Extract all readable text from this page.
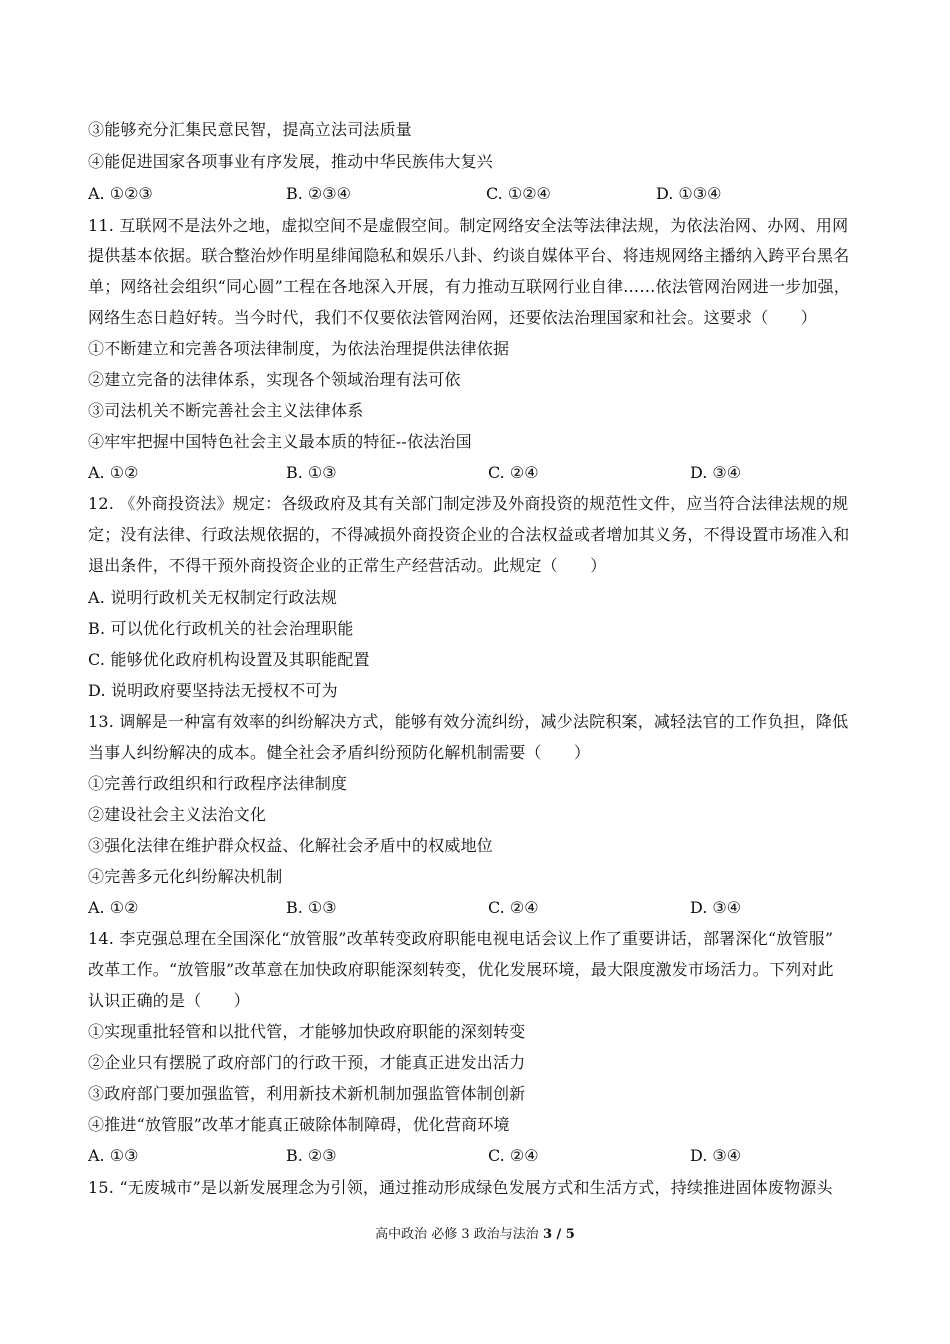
③能够充分汇集民意民智，提高立法司法质量
④能促进国家各项事业有序发展，推动中华民族伟大复兴
A. ①②③	B. ②③④	C. ①②④	D. ①③④
11. 互联网不是法外之地，虚拟空间不是虚假空间。制定网络安全法等法律法规，为依法治网、办网、用网
提供基本依据。联合整治炒作明星绯闻隐私和娱乐八卦、约谈自媒体平台、将违规网络主播纳入跨平台黑名
单；网络社会组织“同心圆”工程在各地深入开展，有力推动互联网行业自律……依法管网治网进一步加强，
网络生态日趋好转。当今时代，我们不仅要依法管网治网，还要依法治理国家和社会。这要求（　　）
①不断建立和完善各项法律制度，为依法治理提供法律依据
②建立完备的法律体系，实现各个领域治理有法可依
③司法机关不断完善社会主义法律体系
④牢牢把握中国特色社会主义最本质的特征--依法治国
A. ①②	B. ①③	C. ②④	D. ③④
12. 《外商投资法》规定：各级政府及其有关部门制定涉及外商投资的规范性文件，应当符合法律法规的规
定；没有法律、行政法规依据的，不得减损外商投资企业的合法权益或者增加其义务，不得设置市场准入和
退出条件，不得干预外商投资企业的正常生产经营活动。此规定（　　）
A. 说明行政机关无权制定行政法规
B. 可以优化行政机关的社会治理职能
C. 能够优化政府机构设置及其职能配置
D. 说明政府要坚持法无授权不可为
13. 调解是一种富有效率的纠纷解决方式，能够有效分流纠纷，减少法院积案，减轻法官的工作负担，降低
当事人纠纷解决的成本。健全社会矛盾纠纷预防化解机制需要（　　）
①完善行政组织和行政程序法律制度
②建设社会主义法治文化
③强化法律在维护群众权益、化解社会矛盾中的权威地位
④完善多元化纠纷解决机制
A. ①②	B. ①③	C. ②④	D. ③④
14. 李克强总理在全国深化“放管服”改革转变政府职能电视电话会议上作了重要讲话，部署深化“放管服”
改革工作。“放管服”改革意在加快政府职能深刻转变，优化发展环境，最大限度激发市场活力。下列对此
认识正确的是（　　）
①实现重批轻管和以批代管，才能够加快政府职能的深刻转变
②企业只有摆脱了政府部门的行政干预，才能真正进发出活力
③政府部门要加强监管，利用新技术新机制加强监管体制创新
④推进“放管服”改革才能真正破除体制障碍，优化营商环境
A. ①③	B. ②③	C. ②④	D. ③④
15. “无废城市”是以新发展理念为引领，通过推动形成绿色发展方式和生活方式，持续推进固体废物源头
高中政治 必修 3 政治与法治 3 / 5
